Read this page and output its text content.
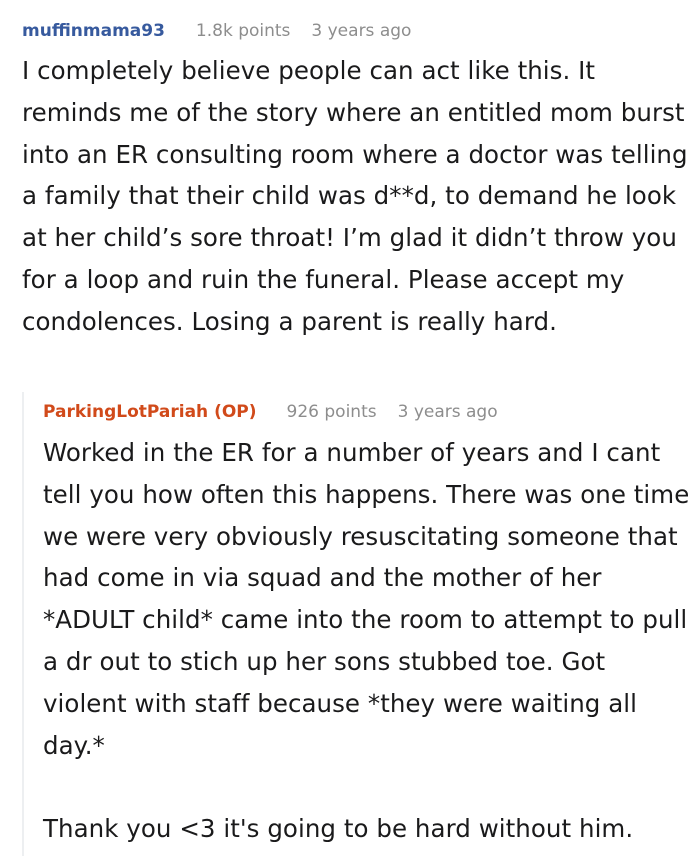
muffinmama93 1.8k points 3 years ago

I completely believe people can act like this. It reminds me of the story where an entitled mom burst into an ER consulting room where a doctor was telling a family that their child was d**d, to demand he look at her child’s sore throat! I’m glad it didn’t throw you for a loop and ruin the funeral. Please accept my condolences. Losing a parent is really hard.

ParkingLotPariah (OP) 926 points 3 years ago

Worked in the ER for a number of years and I cant tell you how often this happens. There was one time we were very obviously resuscitating someone that had come in via squad and the mother of her *ADULT child* came into the room to attempt to pull a dr out to stich up her sons stubbed toe. Got violent with staff because *they were waiting all day.*

Thank you <3 it's going to be hard without him.
